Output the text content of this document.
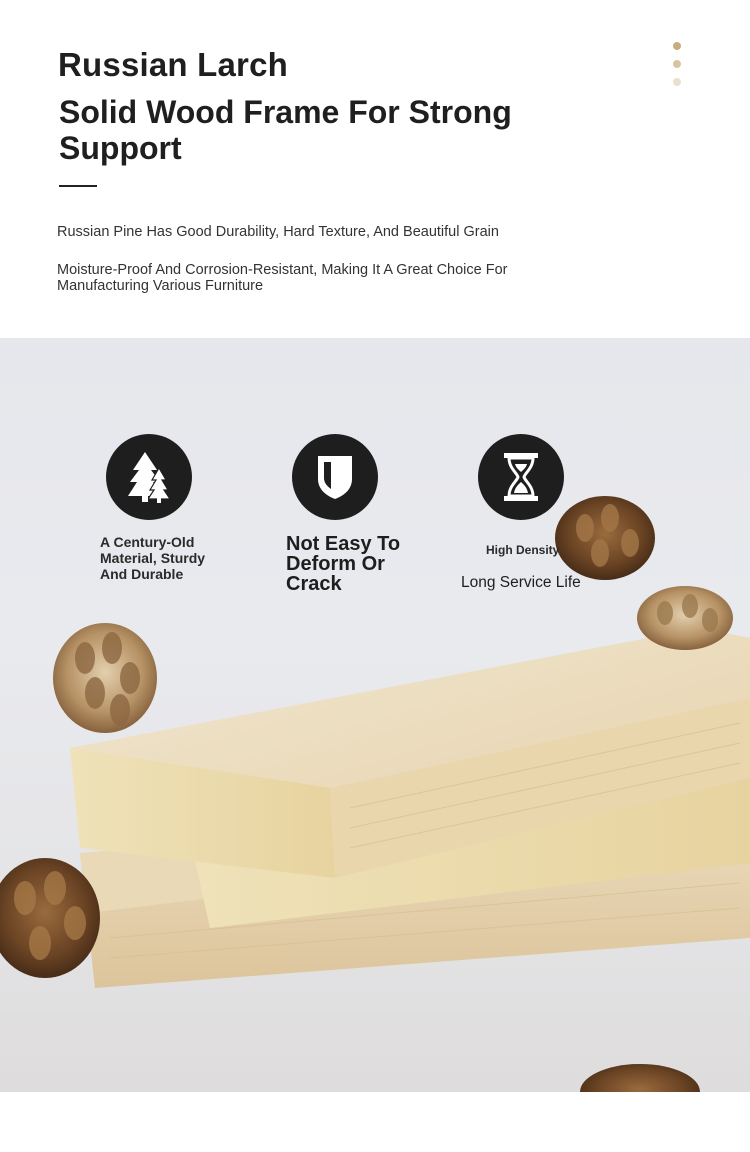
Russian Larch
Solid Wood Frame For Strong Support
Russian Pine Has Good Durability, Hard Texture, And Beautiful Grain
Moisture-Proof And Corrosion-Resistant, Making It A Great Choice For Manufacturing Various Furniture
A Century-Old Material, Sturdy And Durable
Not Easy To Deform Or Crack
High Density
Long Service Life
